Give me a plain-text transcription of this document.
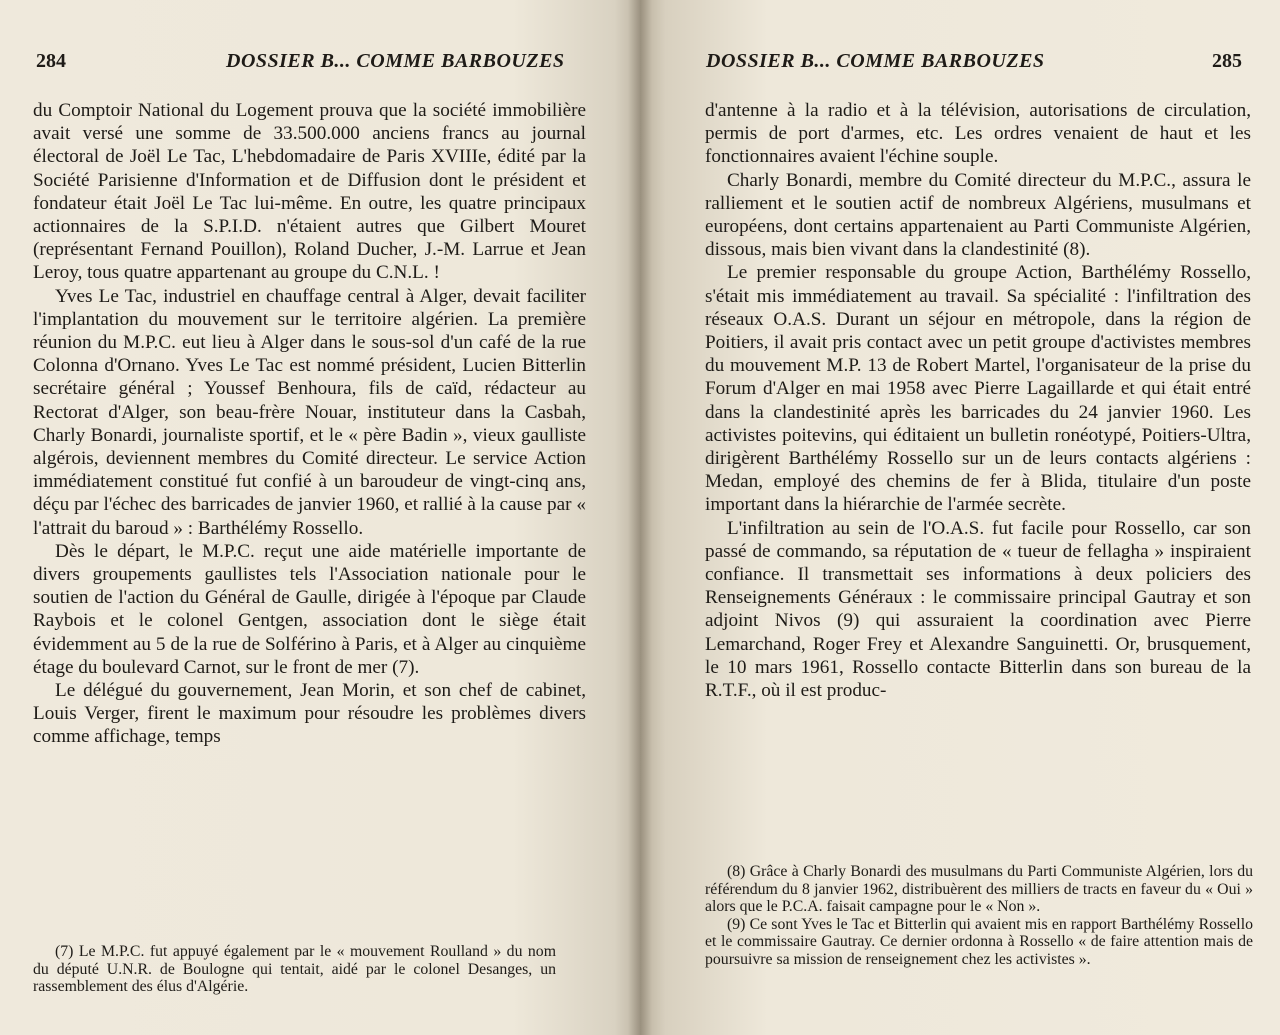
284	DOSSIER B... COMME BARBOUZES

du Comptoir National du Logement prouva que la société immobilière avait versé une somme de 33.500.000 anciens francs au journal électoral de Joël Le Tac, L'hebdomadaire de Paris XVIIIe, édité par la Société Parisienne d'Information et de Diffusion dont le président et fondateur était Joël Le Tac lui-même. En outre, les quatre principaux actionnaires de la S.P.I.D. n'étaient autres que Gilbert Mouret (représentant Fernand Pouillon), Roland Ducher, J.-M. Larrue et Jean Leroy, tous quatre appartenant au groupe du C.N.L. !

Yves Le Tac, industriel en chauffage central à Alger, devait faciliter l'implantation du mouvement sur le territoire algérien. La première réunion du M.P.C. eut lieu à Alger dans le sous-sol d'un café de la rue Colonna d'Ornano. Yves Le Tac est nommé président, Lucien Bitterlin secrétaire général ; Youssef Benhoura, fils de caïd, rédacteur au Rectorat d'Alger, son beau-frère Nouar, instituteur dans la Casbah, Charly Bonardi, journaliste sportif, et le « père Badin », vieux gaulliste algérois, deviennent membres du Comité directeur. Le service Action immédiatement constitué fut confié à un baroudeur de vingt-cinq ans, déçu par l'échec des barricades de janvier 1960, et rallié à la cause par « l'attrait du baroud » : Barthélémy Rossello.

Dès le départ, le M.P.C. reçut une aide matérielle importante de divers groupements gaullistes tels l'Association nationale pour le soutien de l'action du Général de Gaulle, dirigée à l'époque par Claude Raybois et le colonel Gentgen, association dont le siège était évidemment au 5 de la rue de Solférino à Paris, et à Alger au cinquième étage du boulevard Carnot, sur le front de mer (7).

Le délégué du gouvernement, Jean Morin, et son chef de cabinet, Louis Verger, firent le maximum pour résoudre les problèmes divers comme affichage, temps

(7) Le M.P.C. fut appuyé également par le « mouvement Roulland » du nom du député U.N.R. de Boulogne qui tentait, aidé par le colonel Desanges, un rassemblement des élus d'Algérie.

DOSSIER B... COMME BARBOUZES	285

d'antenne à la radio et à la télévision, autorisations de circulation, permis de port d'armes, etc. Les ordres venaient de haut et les fonctionnaires avaient l'échine souple.

Charly Bonardi, membre du Comité directeur du M.P.C., assura le ralliement et le soutien actif de nombreux Algériens, musulmans et européens, dont certains appartenaient au Parti Communiste Algérien, dissous, mais bien vivant dans la clandestinité (8).

Le premier responsable du groupe Action, Barthélémy Rossello, s'était mis immédiatement au travail. Sa spécialité : l'infiltration des réseaux O.A.S. Durant un séjour en métropole, dans la région de Poitiers, il avait pris contact avec un petit groupe d'activistes membres du mouvement M.P. 13 de Robert Martel, l'organisateur de la prise du Forum d'Alger en mai 1958 avec Pierre Lagaillarde et qui était entré dans la clandestinité après les barricades du 24 janvier 1960. Les activistes poitevins, qui éditaient un bulletin ronéotypé, Poitiers-Ultra, dirigèrent Barthélémy Rossello sur un de leurs contacts algériens : Medan, employé des chemins de fer à Blida, titulaire d'un poste important dans la hiérarchie de l'armée secrète.

L'infiltration au sein de l'O.A.S. fut facile pour Rossello, car son passé de commando, sa réputation de « tueur de fellagha » inspiraient confiance. Il transmettait ses informations à deux policiers des Renseignements Généraux : le commissaire principal Gautray et son adjoint Nivos (9) qui assuraient la coordination avec Pierre Lemarchand, Roger Frey et Alexandre Sanguinetti. Or, brusquement, le 10 mars 1961, Rossello contacte Bitterlin dans son bureau de la R.T.F., où il est produc-

(8) Grâce à Charly Bonardi des musulmans du Parti Communiste Algérien, lors du référendum du 8 janvier 1962, distribuèrent des milliers de tracts en faveur du « Oui » alors que le P.C.A. faisait campagne pour le « Non ».

(9) Ce sont Yves le Tac et Bitterlin qui avaient mis en rapport Barthélémy Rossello et le commissaire Gautray. Ce dernier ordonna à Rossello « de faire attention mais de poursuivre sa mission de renseignement chez les activistes ».
